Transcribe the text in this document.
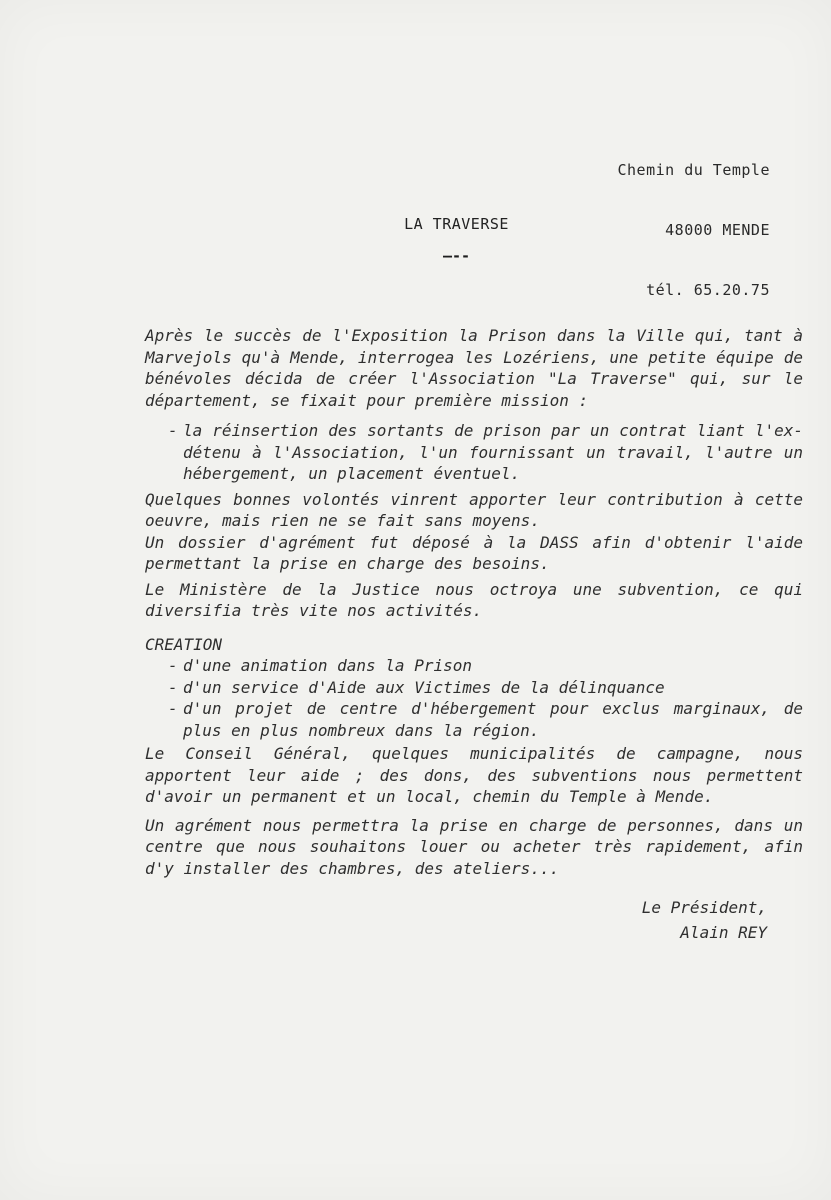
Chemin du Temple

48000 MENDE

tél. 65.20.75

LA TRAVERSE
—--

Après le succès de l'Exposition la Prison dans la Ville qui, tant à Marvejols qu'à Mende, interrogea les Lozériens, une petite équipe de bénévoles décida de créer l'Association "La Traverse" qui, sur le département, se fixait pour première mission :

- la réinsertion des sortants de prison par un contrat liant l'ex-détenu à l'Association, l'un fournissant un travail, l'autre un hébergement, un placement éventuel.

Quelques bonnes volontés vinrent apporter leur contribution à cette oeuvre, mais rien ne se fait sans moyens.

Un dossier d'agrément fut déposé à la DASS afin d'obtenir l'aide permettant la prise en charge des besoins.

Le Ministère de la Justice nous octroya une subvention, ce qui diversifia très vite nos activités.

CREATION

- d'une animation dans la Prison
- d'un service d'Aide aux Victimes de la délinquance
- d'un projet de centre d'hébergement pour exclus marginaux, de plus en plus nombreux dans la région.

Le Conseil Général, quelques municipalités de campagne, nous apportent leur aide ; des dons, des subventions nous permettent d'avoir un permanent et un local, chemin du Temple à Mende.

Un agrément nous permettra la prise en charge de personnes, dans un centre que nous souhaitons louer ou acheter très rapidement, afin d'y installer des chambres, des ateliers...

Le Président,
Alain REY
